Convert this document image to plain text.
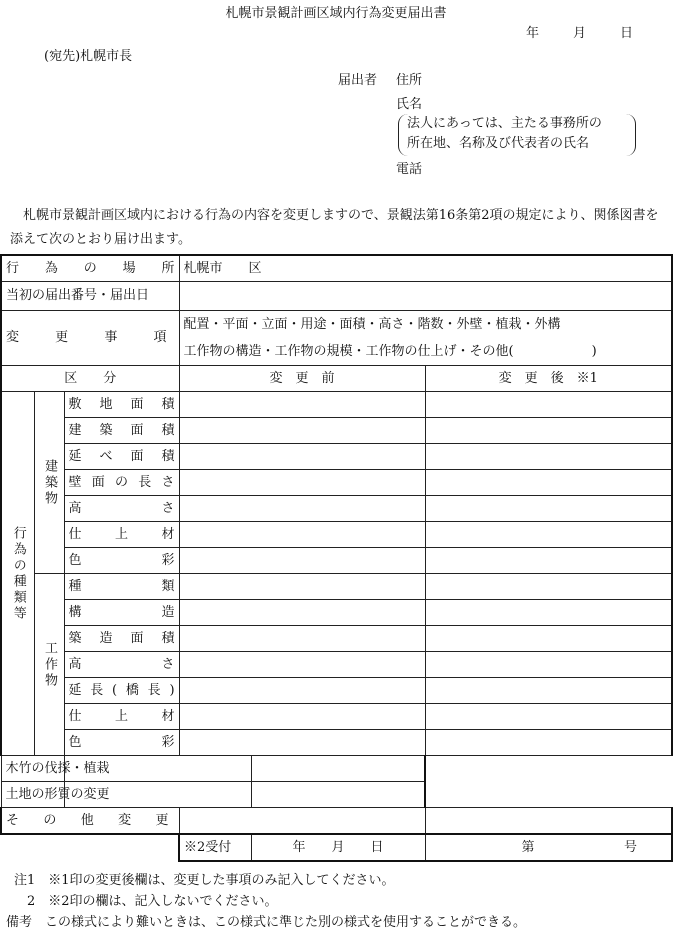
札幌市景観計画区域内行為変更届出書
年	月	日
(宛先)札幌市長
届出者 住所
氏名
法人にあっては、主たる事務所の
所在地、名称及び代表者の氏名
電話

札幌市景観計画区域内における行為の内容を変更しますので、景観法第16条第2項の規定により、関係図書を添えて次のとおり届け出ます。

行為の場所			札幌市　　区		
当初の届出番号・届出日					

変更事項			配置・平面・立面・用途・面積・高さ・階数・外壁・植栽・外構		
			工作物の構造・工作物の規模・工作物の仕上げ・その他(　　　　　　)		
区　　分			変　更　前		変　更　後　※1

行為の種類等	建築物	敷地面積			

		建築面積			

		延べ面積			

		壁面の長さ			

		高さ			

		仕上材			

		色彩			

	工作物	種類			

		構造			

		築造面積			

		高さ			

		延長(橋長)			

		仕上材			

		色彩			

木竹の伐採・植栽					

土地の形質の変更					

その他変更					

			※2受付	年　　月　　日	第 号
注1　※1印の変更後欄は、変更した事項のみ記入してください。
　2　※2印の欄は、記入しないでください。
備考　この様式により難いときは、この様式に準じた別の様式を使用することができる。
